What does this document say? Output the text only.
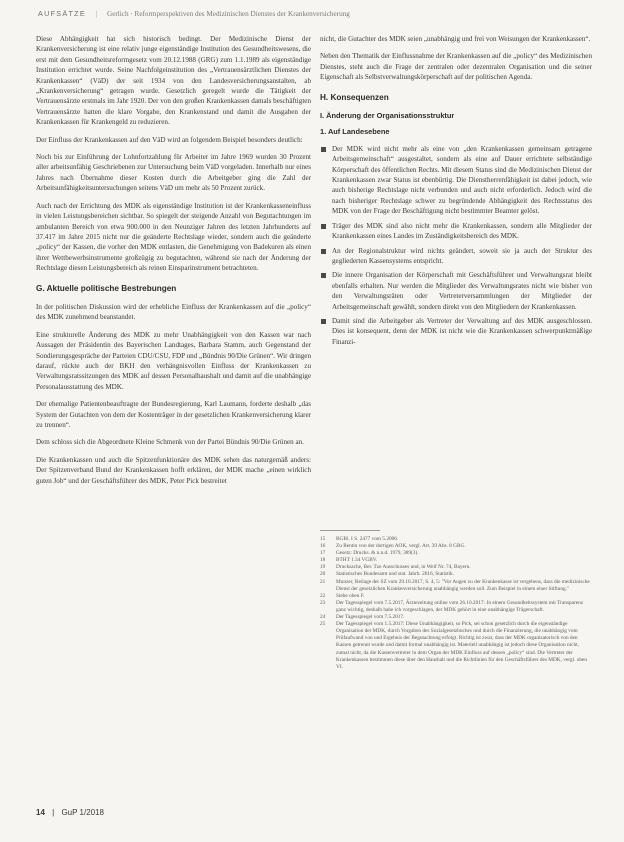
AUFSÄTZE | Gerlich · Reformperspektiven des Medizinischen Dienstes der Krankenversicherung

Diese Abhängigkeit hat sich historisch bedingt. Der Medizinische Dienst der Krankenversicherung ist eine relativ junge eigenständige Institution des Gesundheitswesens, die erst mit dem Gesundheitsreformgesetz vom 20.12.1988 (GRG) zum 1.1.1989 als eigenständige Institution errichtet wurde. Seine Nachfolgeinstitution des „Vertrauensärztlichen Dienstes der Krankenkassen“ (VäD) der seit 1934 von den Landesversicherungsanstalten, ab „Krankenversicherung“ getragen wurde. Gesetzlich geregelt wurde die Tätigkeit der Vertrauensärzte erstmals im Jahr 1920. Der von den großen Krankenkassen damals beschäftigten Vertrauensärzte hatten die klare Vorgabe, den Krankenstand und damit die Ausgaben der Krankenkassen für Krankengeld zu reduzieren.

Der Einfluss der Krankenkassen auf den VäD wird an folgendem Beispiel besonders deutlich:

Noch bis zur Einführung der Lohnfortzahlung für Arbeiter im Jahre 1969 wurden 30 Prozent aller arbeitsunfähig Geschriebenen zur Untersuchung beim VäD vorgeladen. Innerhalb nur eines Jahres nach Übernahme dieser Kosten durch die Arbeitgeber ging die Zahl der Arbeitsunfähigkeitsuntersuchungen seitens VäD um mehr als 50 Prozent zurück.

Auch nach der Errichtung des MDK als eigenständige Institution ist der Krankenkasseneinfluss in vielen Leistungsbereichen sichtbar. So spiegelt der steigende Anzahl von Begutachtungen im ambulanten Bereich von etwa 900.000 in den Neunziger Jahren des letzten Jahrhunderts auf 37.417 im Jahre 2015 nicht nur die geänderte Rechtslage wieder, sondern auch die geänderte „policy“ der Kassen, die vorher den MDK entlasten, die Genehmigung von Badekuren als einen ihrer Wettbewerbsinstrumente großzügig zu begutachten, während sie nach der Änderung der Rechtslage diesen Leistungsbereich als reinen Einsparinstrument betrachteten.

G. Aktuelle politische Bestrebungen

In der politischen Diskussion wird der erhebliche Einfluss der Krankenkassen auf die „policy“ des MDK zunehmend beanstandet.

Eine strukturelle Änderung des MDK zu mehr Unabhängigkeit von den Kassen war nach Aussagen der Präsidentin des Bayerischen Landtages, Barbara Stamm, auch Gegenstand der Sondierungsgespräche der Parteien CDU/CSU, FDP und „Bündnis 90/Die Grünen“. Wir dringen darauf, rückte auch der BKH den verhängnisvollen Einfluss der Krankenkassen zu Verwaltungsratssitzungen des MDK auf dessen Personalhaushalt und damit auf die unabhängige Personalausstattung des MDK.

Der ehemalige Patientenbeauftragte der Bundesregierung, Karl Laumann, forderte deshalb „das System der Gutachten von dem der Kostenträger in der gesetzlichen Krankenversicherung klarer zu trennen“.

Dem schloss sich die Abgeordnete Kleine Schmenk von der Partei Bündnis 90/Die Grünen an.

Die Krankenkassen und auch die Spitzenfunktionäre des MDK sehen das naturgemäß anders: Der Spitzenverband Bund der Krankenkassen hofft erklären, der MDK mache „einen wirklich guten Job“ und der Geschäftsführer des MDK, Peter Pick bestreitet

nicht, die Gutachter des MDK seien „unabhängig und frei von Weisungen der Krankenkassen“.

Neben den Thematik der Einflussnahme der Krankenkassen auf die „policy“ des Medizinischen Dienstes, steht auch die Frage der zentralen oder dezentralen Organisation und die seiner Eigenschaft als Selbstverwaltungskörperschaft auf der politischen Agenda.

H. Konsequenzen
I. Änderung der Organisationsstruktur
1. Auf Landesebene
Der MDK wird nicht mehr als eine von „den Krankenkassen gemeinsam getragene Arbeitsgemeinschaft“ ausgestaltet, sondern als eine auf Dauer errichtete selbständige Körperschaft des öffentlichen Rechts. Mit diesem Status sind die Medizinischen Dienst der Krankenkassen zwar Status ist ebenbürtig. Die Dienstherrenfähigkeit ist dabei jedoch, wie auch bisherige Rechtslage nicht verbunden und auch nicht erforderlich. Jedoch wird die nach bisheriger Rechtslage schwer zu begründende Abhängigkeit des Rechtsstatus des MDK von der Frage der Beschäftigung nicht bestimmter Beamter gelöst.
Träger des MDK sind also nicht mehr die Krankenkassen, sondern alle Mitglieder der Krankenkassen eines Landes im Zuständigkeitsbereich des MDK.
An der Regionalstruktur wird nichts geändert, soweit sie ja auch der Struktur des gegliederten Kassensystems entspricht.
Die innere Organisation der Körperschaft mit Geschäftsführer und Verwaltungsrat bleibt ebenfalls erhalten. Nur werden die Mitglieder des Verwaltungsrates nicht wie bisher von den Verwaltungsräten oder Vertreterversammlungen der Mitglieder der Arbeitsgemeinschaft gewählt, sondern direkt von den Mitgliedern der Krankenkassen.
Damit sind die Arbeitgeber als Vertreter der Verwaltung auf des MDK ausgeschlossen. Dies ist konsequent, denn der MDK ist nicht wie die Krankenkassen schwerpunktmäßige Finanzi-
15	BGBl. I S. 2477 vom 5.2006.
16	Zu Rentin von der dortigen AOK, vergl. Art. 39 Abs. 8 GRG.
17	Gesetz: Drucks. & n.n.d. 1979, 389(3).
18	BTHT 1.34 VGBV.
19	Drucksache, Ber. Tze Ausschusses und, in Weif Nr. 74, Bayern.
20	Statistisches Bundesamt und stat. Jahrb. 2016, Statistik.
21	Munzer, Beilage der SZ vom 29.10.2017, S. 4, 5: "Vor Augen zu der Krankenkasse ist vergebens, dass die medizinische Dienst der gesetzlichen Krankenversicherung unabhängig werden soll. Zum Beispiel in einem einer Stiftung."
22	Siehe oben F.
23	Der Tagesspiegel vom 7.5.2017, Ärztezeitung online vom 26.10.2017: Jn einem Gesundheitssystem mit Transparenz ganz wichtig, deshalb habe ich vorgeschlagen, der MDK gehört in eine unabhängige Trägerschaft.
24	Der Tagesspiegel vom 7.5.2017.
25	Der Tagesspiegel vom 1.5.2017: Diese Unabhängigkeit, so Pick, sei schon gesetzlich durch die eigenständige Organisation der MDK, durch Vorgaben des Sozialgesetzbuches und durch die Finanzierung, die unabhängig vom Prüfaufwand von und Ergebnis der Begutachtung erfolgt. Richtig ist zwar, dass der MDK organisatorisch von den Kassen getrennt wurde und damit formal unabhängig ist. Materiell unabhängig ist jedoch diese Organisation nicht, zumal nicht, da die Kassenvertreter in dem Organ der MDK Einfluss auf dessen „policy“ sind. Die Vertreter der Krankenkassen bestimmen diese über den Haushalt und die Richtlinien für den Geschäftsführer des MDK, vergl. oben VI.
14 | GuP 1/2018
